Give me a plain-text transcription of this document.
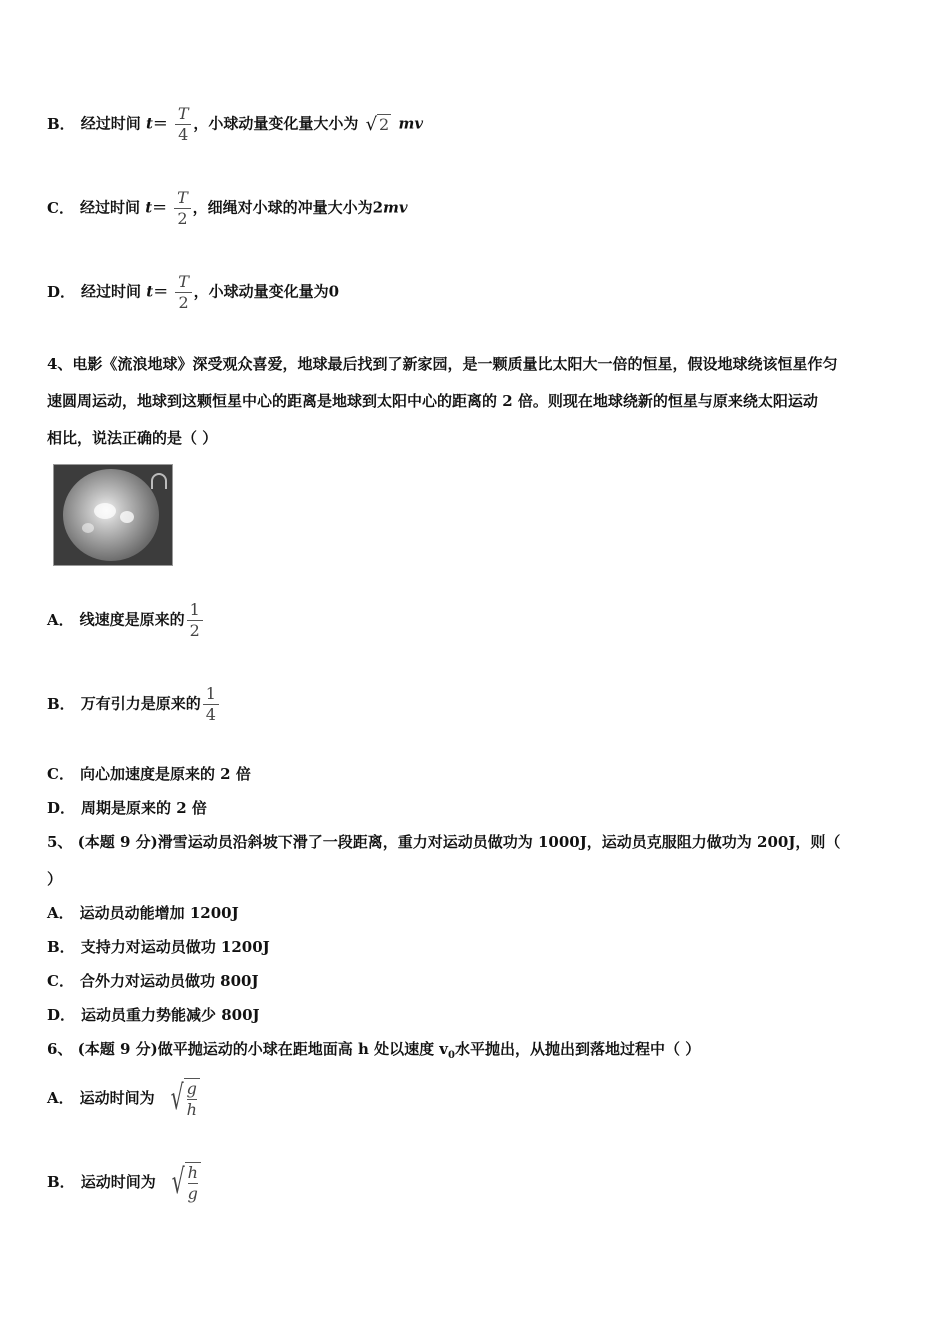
B． 经过时间 $t= \frac{T}{4}$ ，小球动量变化量大小为 √ 2 mv
C． 经过时间 $t= \frac{T}{2}$ ，细绳对小球的冲量大小为2mv
D． 经过时间 $t= \frac{T}{2}$ ，小球动量变化量为0
4、电影《流浪地球》深受观众喜爱，地球最后找到了新家园，是一颗质量比太阳大一倍的恒星，假设地球绕该恒星作匀
速圆周运动，地球到这颗恒星中心的距离是地球到太阳中心的距离的 2 倍。则现在地球绕新的恒星与原来绕太阳运动
相比，说法正确的是（ ）
A． 线速度是原来的 $\frac{1}{2}$
B． 万有引力是原来的 $\frac{1}{4}$
C． 向心加速度是原来的 2 倍
D． 周期是原来的 2 倍
5、 (本题 9 分)滑雪运动员沿斜坡下滑了一段距离，重力对运动员做功为 1000J，运动员克服阻力做功为 200J，则（
）
A． 运动员动能增加 1200J
B． 支持力对运动员做功 1200J
C． 合外力对运动员做功 800J
D． 运动员重力势能减少 800J
6、 (本题 9 分)做平抛运动的小球在距地面高 h 处以速度 $v_0$水平抛出，从抛出到落地过程中（ ）
A． 运动时间为 √ $\frac{g}{h}$
B． 运动时间为 √ $\frac{h}{g}$
